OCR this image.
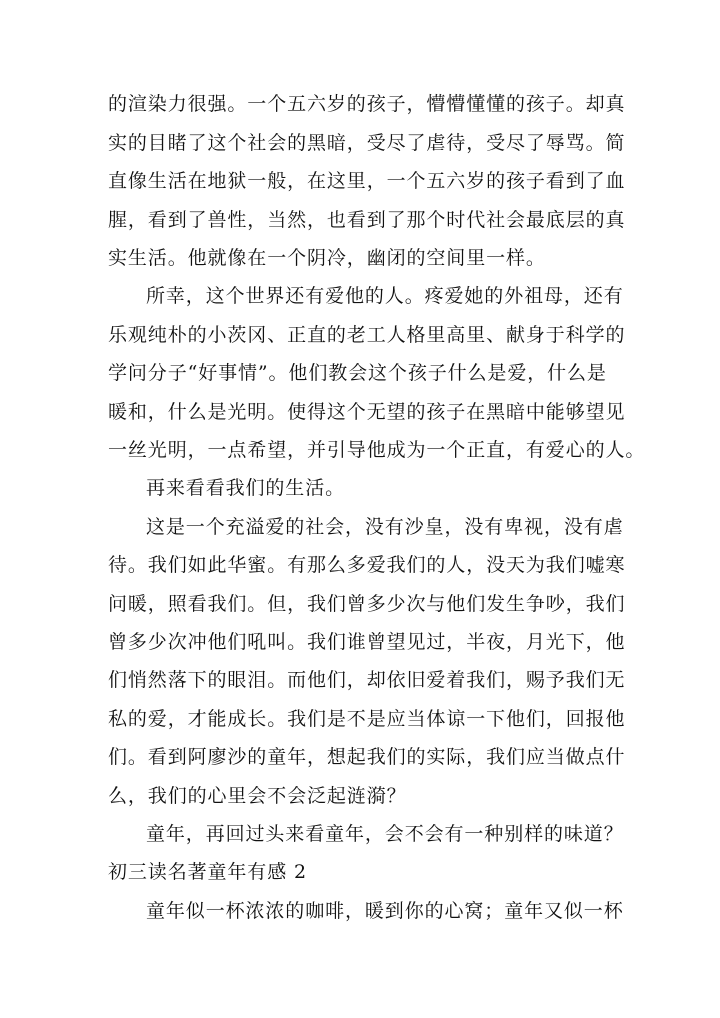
的渲染力很强。一个五六岁的孩子，懵懵懂懂的孩子。却真
实的目睹了这个社会的黑暗，受尽了虐待，受尽了辱骂。简
直像生活在地狱一般，在这里，一个五六岁的孩子看到了血
腥，看到了兽性，当然，也看到了那个时代社会最底层的真
实生活。他就像在一个阴冷，幽闭的空间里一样。
所幸，这个世界还有爱他的人。疼爱她的外祖母，还有
乐观纯朴的小茨冈、正直的老工人格里高里、献身于科学的
学问分子“好事情”。他们教会这个孩子什么是爱，什么是
暖和，什么是光明。使得这个无望的孩子在黑暗中能够望见
一丝光明，一点希望，并引导他成为一个正直，有爱心的人。
再来看看我们的生活。
这是一个充溢爱的社会，没有沙皇，没有卑视，没有虐
待。我们如此华蜜。有那么多爱我们的人，没天为我们嘘寒
问暖，照看我们。但，我们曾多少次与他们发生争吵，我们
曾多少次冲他们吼叫。我们谁曾望见过，半夜，月光下，他
们悄然落下的眼泪。而他们，却依旧爱着我们，赐予我们无
私的爱，才能成长。我们是不是应当体谅一下他们，回报他
们。看到阿廖沙的童年，想起我们的实际，我们应当做点什
么，我们的心里会不会泛起涟漪？
童年，再回过头来看童年，会不会有一种别样的味道？
初三读名著童年有感 2
童年似一杯浓浓的咖啡，暖到你的心窝；童年又似一杯
